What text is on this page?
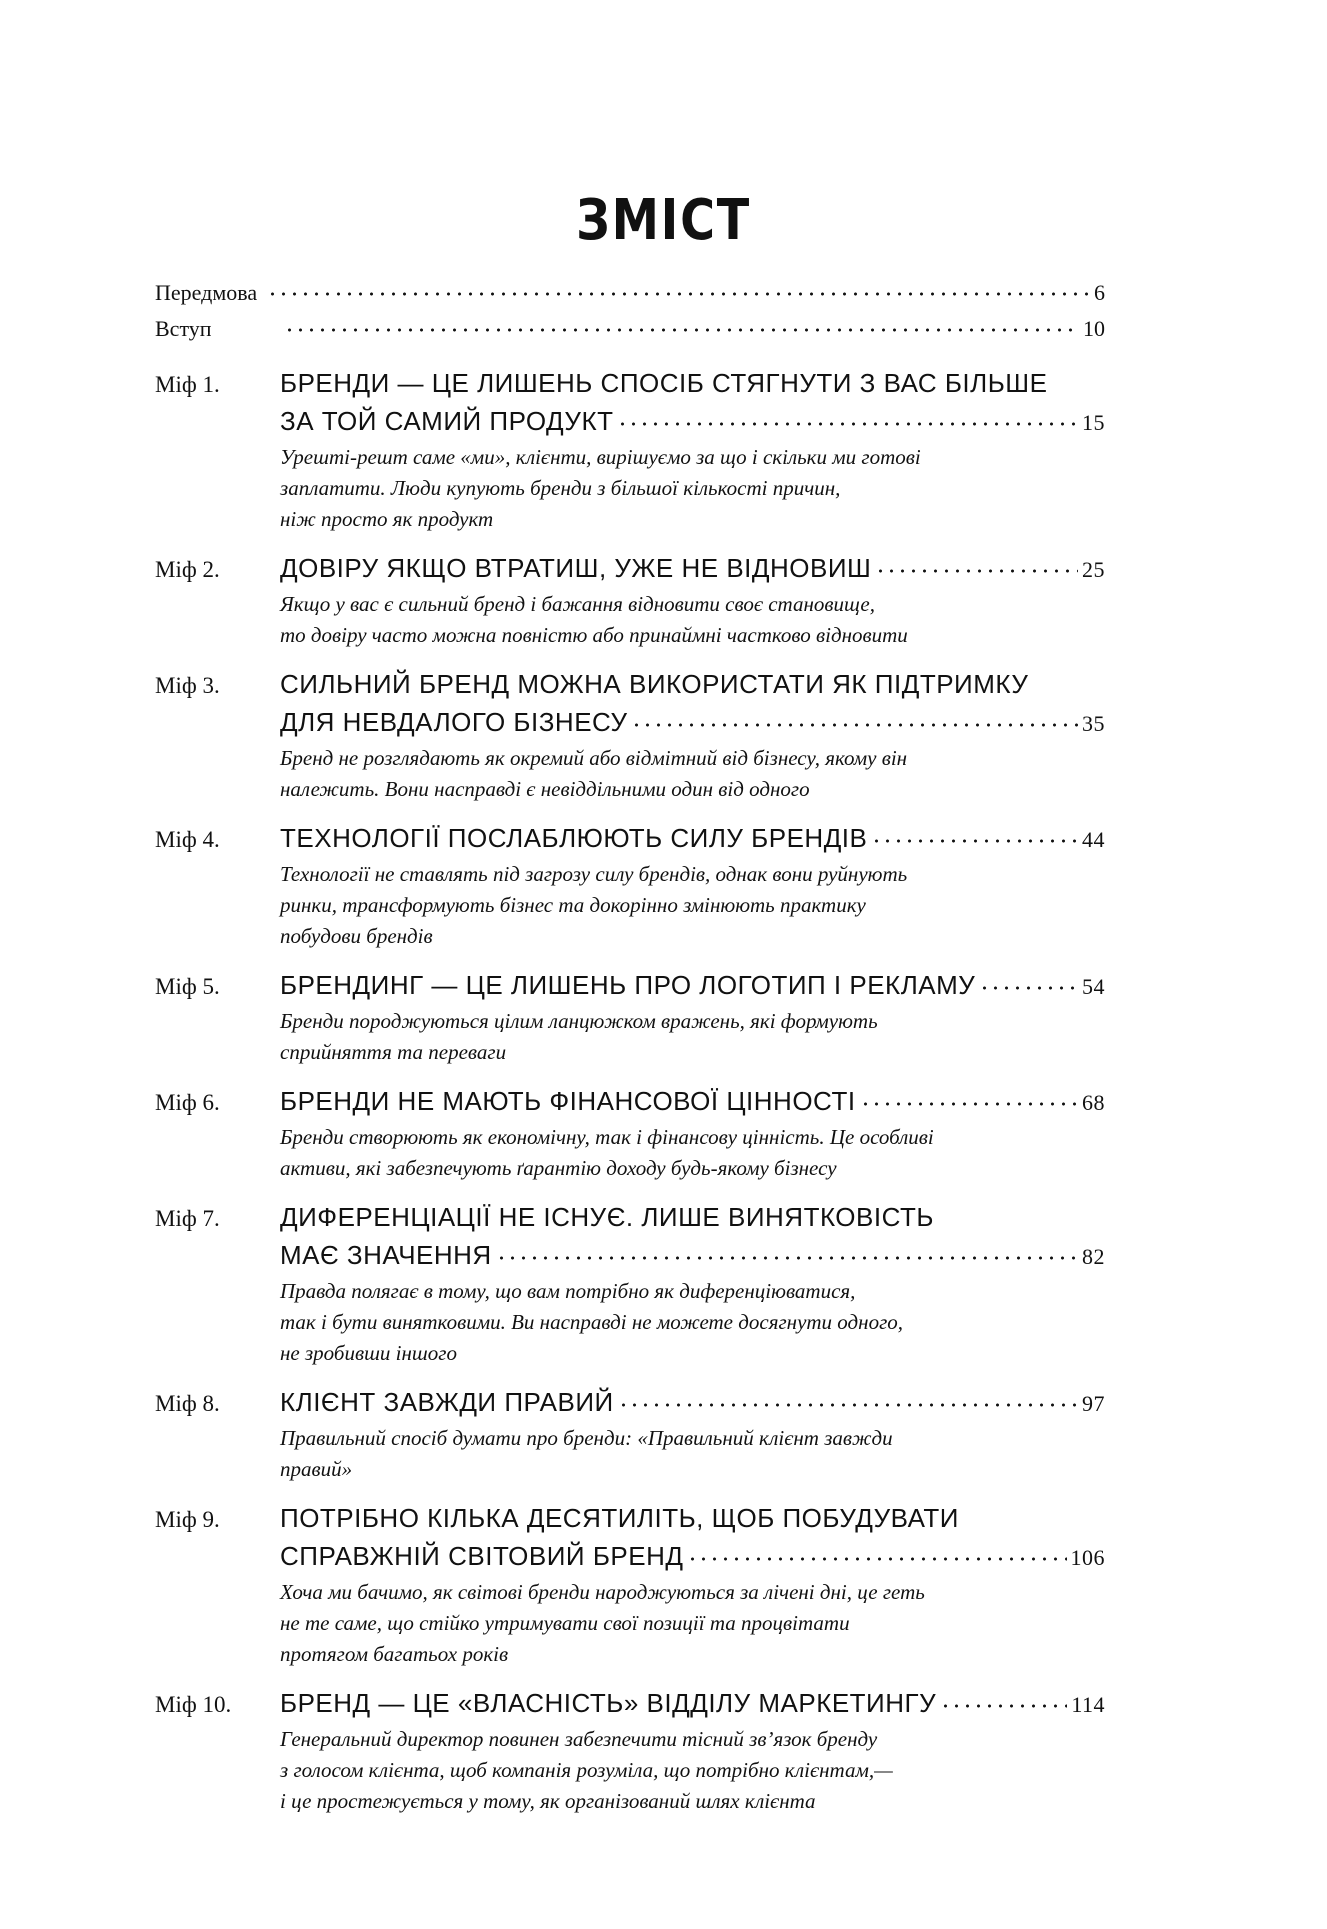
ЗМІСТ
Передмова	6
Вступ	10
Міф 1.	БРЕНДИ — ЦЕ ЛИШЕНЬ СПОСІБ СТЯГНУТИ З ВАС БІЛЬШЕ
ЗА ТОЙ САМИЙ ПРОДУКТ	15
Урешті-решт саме «ми», клієнти, вирішуємо за що і скільки ми готові
заплатити. Люди купують бренди з більшої кількості причин,
ніж просто як продукт
Міф 2.	ДОВІРУ ЯКЩО ВТРАТИШ, УЖЕ НЕ ВІДНОВИШ	25
Якщо у вас є сильний бренд і бажання відновити своє становище,
то довіру часто можна повністю або принаймні частково відновити
Міф 3.	СИЛЬНИЙ БРЕНД МОЖНА ВИКОРИСТАТИ ЯК ПІДТРИМКУ
ДЛЯ НЕВДАЛОГО БІЗНЕСУ	35
Бренд не розглядають як окремий або відмітний від бізнесу, якому він
належить. Вони насправді є невіддільними один від одного
Міф 4.	ТЕХНОЛОГІЇ ПОСЛАБЛЮЮТЬ СИЛУ БРЕНДІВ	44
Технології не ставлять під загрозу силу брендів, однак вони руйнують
ринки, трансформують бізнес та докорінно змінюють практику
побудови брендів
Міф 5.	БРЕНДИНГ — ЦЕ ЛИШЕНЬ ПРО ЛОГОТИП І РЕКЛАМУ	54
Бренди породжуються цілим ланцюжком вражень, які формують
сприйняття та переваги
Міф 6.	БРЕНДИ НЕ МАЮТЬ ФІНАНСОВОЇ ЦІННОСТІ	68
Бренди створюють як економічну, так і фінансову цінність. Це особливі
активи, які забезпечують ґарантію доходу будь-якому бізнесу
Міф 7.	ДИФЕРЕНЦІАЦІЇ НЕ ІСНУЄ. ЛИШЕ ВИНЯТКОВІСТЬ
МАЄ ЗНАЧЕННЯ	82
Правда полягає в тому, що вам потрібно як диференціюватися,
так і бути винятковими. Ви насправді не можете досягнути одного,
не зробивши іншого
Міф 8.	КЛІЄНТ ЗАВЖДИ ПРАВИЙ	97
Правильний спосіб думати про бренди: «Правильний клієнт завжди
правий»
Міф 9.	ПОТРІБНО КІЛЬКА ДЕСЯТИЛІТЬ, ЩОБ ПОБУДУВАТИ
СПРАВЖНІЙ СВІТОВИЙ БРЕНД	106
Хоча ми бачимо, як світові бренди народжуються за лічені дні, це геть
не те саме, що стійко утримувати свої позиції та процвітати
протягом багатьох років
Міф 10.	БРЕНД — ЦЕ «ВЛАСНІСТЬ» ВІДДІЛУ МАРКЕТИНГУ	114
Генеральний директор повинен забезпечити тісний зв’язок бренду
з голосом клієнта, щоб компанія розуміла, що потрібно клієнтам,—
і це простежується у тому, як організований шлях клієнта
